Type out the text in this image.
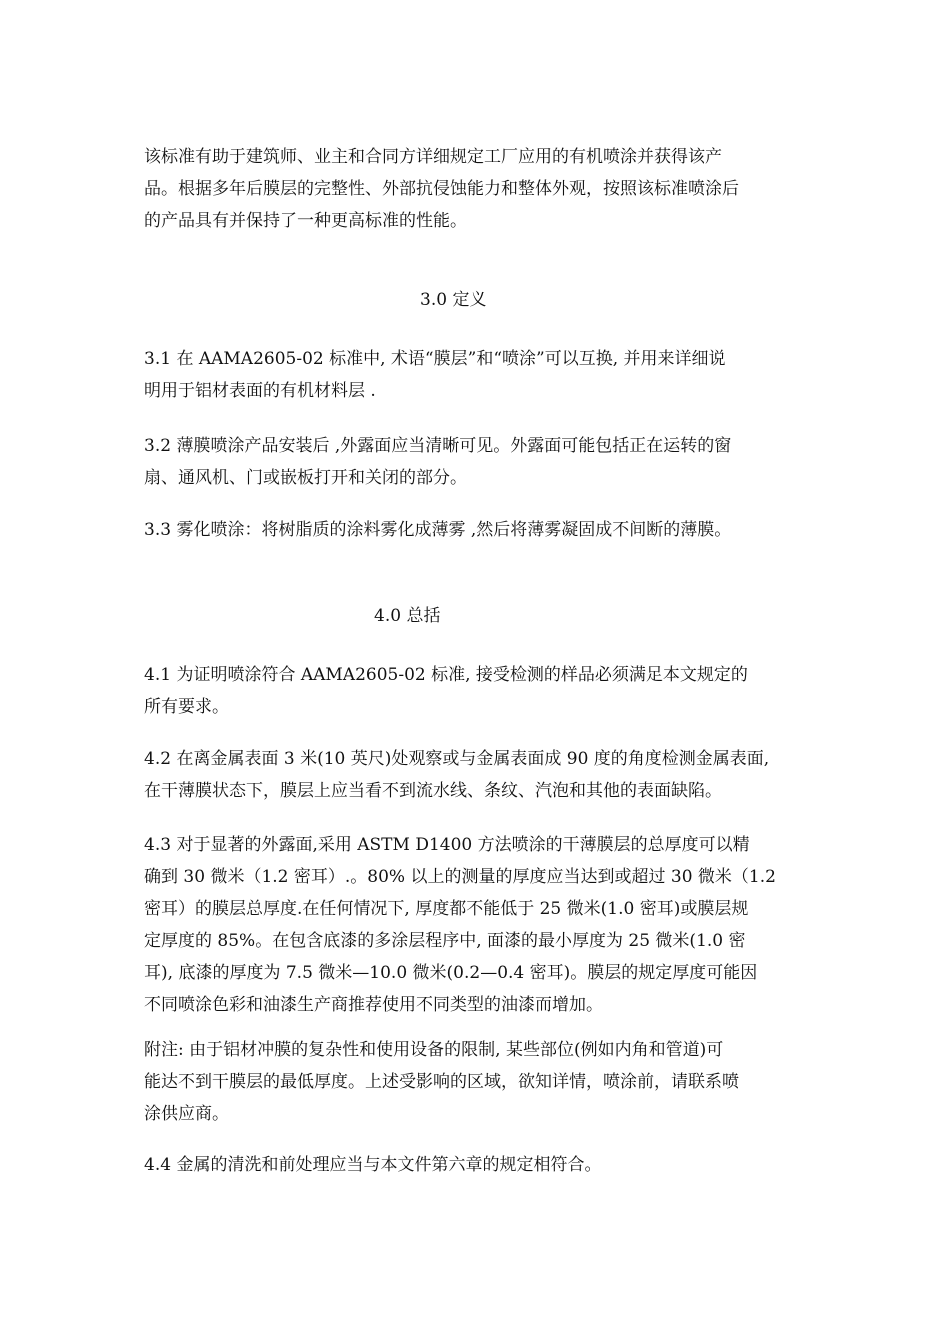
该标准有助于建筑师、业主和合同方详细规定工厂应用的有机喷涂并获得该产
品。根据多年后膜层的完整性、外部抗侵蚀能力和整体外观，按照该标准喷涂后
的产品具有并保持了一种更高标准的性能。
3.0 定义
3.1 在 AAMA2605-02 标准中, 术语“膜层”和“喷涂”可以互换, 并用来详细说
明用于铝材表面的有机材料层 .
3.2 薄膜喷涂产品安装后 ,外露面应当清晰可见。外露面可能包括正在运转的窗
扇、通风机、门或嵌板打开和关闭的部分。
3.3 雾化喷涂：将树脂质的涂料雾化成薄雾 ,然后将薄雾凝固成不间断的薄膜。
4.0 总括
4.1 为证明喷涂符合 AAMA2605-02 标准, 接受检测的样品必须满足本文规定的
所有要求。
4.2 在离金属表面 3 米(10 英尺)处观察或与金属表面成 90 度的角度检测金属表面,
在干薄膜状态下，膜层上应当看不到流水线、条纹、汽泡和其他的表面缺陷。
4.3 对于显著的外露面,采用 ASTM D1400 方法喷涂的干薄膜层的总厚度可以精
确到 30 微米（1.2 密耳）.。80% 以上的测量的厚度应当达到或超过 30 微米（1.2
密耳）的膜层总厚度.在任何情况下, 厚度都不能低于 25 微米(1.0 密耳)或膜层规
定厚度的 85%。在包含底漆的多涂层程序中, 面漆的最小厚度为 25 微米(1.0 密
耳), 底漆的厚度为 7.5 微米—10.0 微米(0.2—0.4 密耳)。膜层的规定厚度可能因
不同喷涂色彩和油漆生产商推荐使用不同类型的油漆而增加。
附注: 由于铝材冲膜的复杂性和使用设备的限制, 某些部位(例如内角和管道)可
能达不到干膜层的最低厚度。上述受影响的区域，欲知详情，喷涂前，请联系喷
涂供应商。
4.4 金属的清洗和前处理应当与本文件第六章的规定相符合。
